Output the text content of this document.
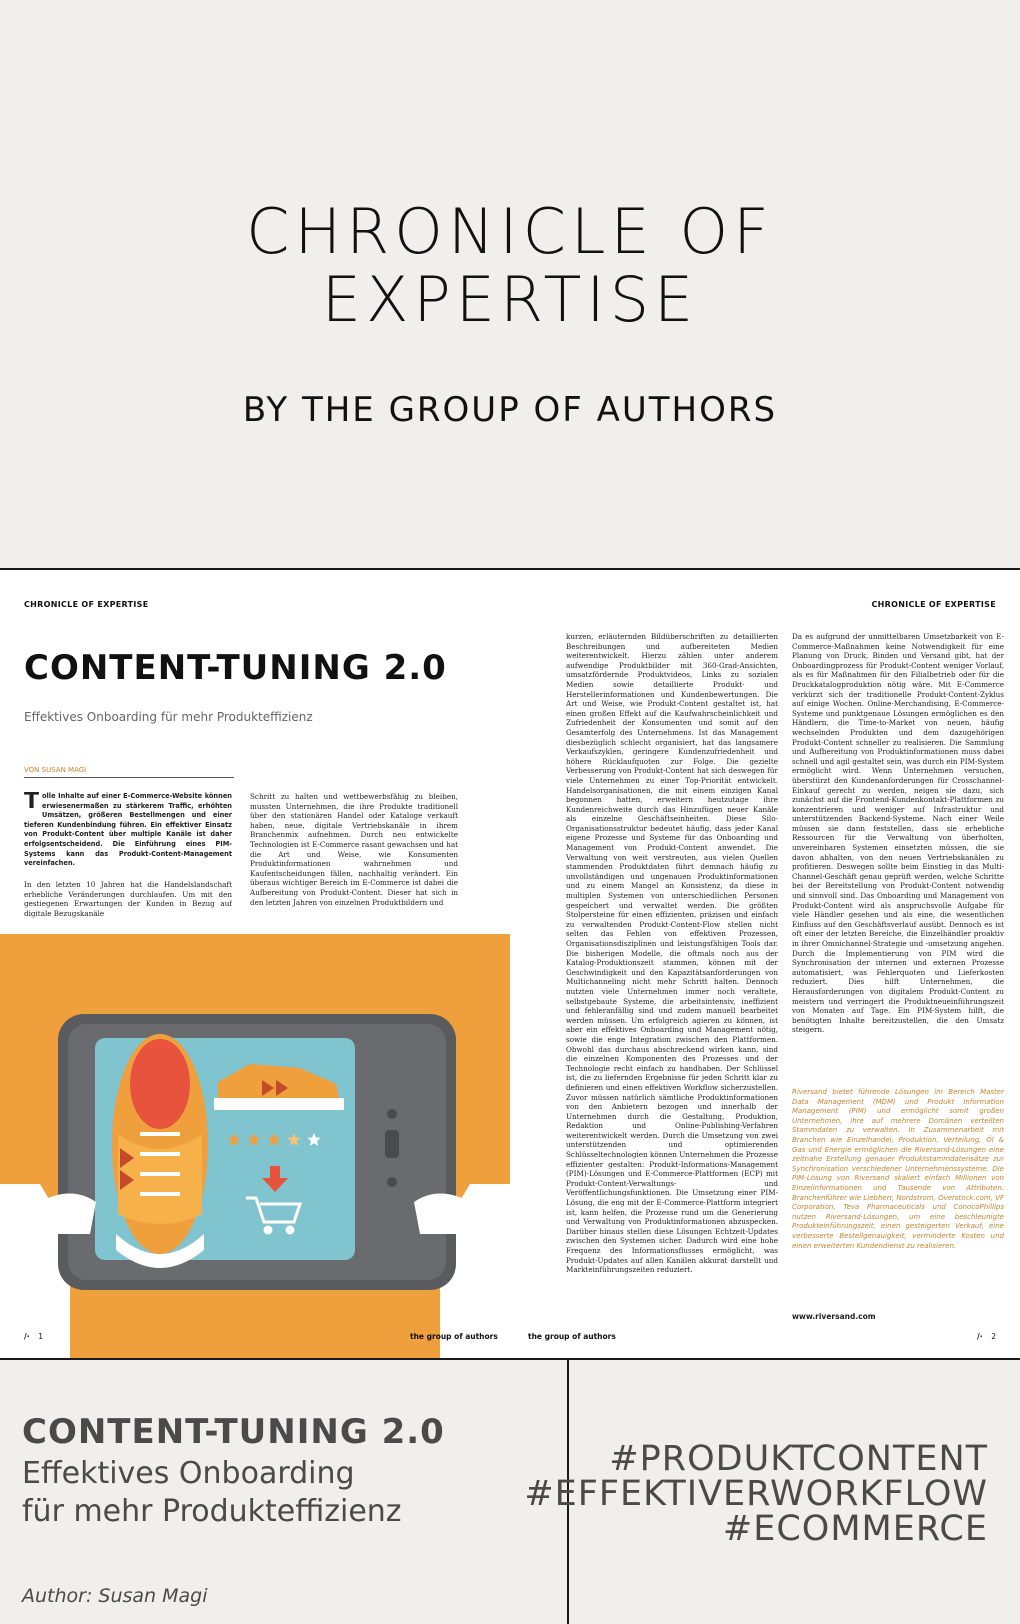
CHRONICLE OF
EXPERTISE
BY THE GROUP OF AUTHORS
CHRONICLE OF EXPERTISE	CHRONICLE OF EXPERTISE
CONTENT-TUNING 2.0
Effektives Onboarding für mehr Produkteffizienz
VON SUSAN MAGI
Tolle Inhalte auf einer E-Commerce-Website können erwiesenermaßen zu stärkerem Traffic, erhöhten Umsätzen, größeren Bestellmengen und einer tieferen Kundenbindung führen. Ein effektiver Einsatz von Produkt-Content über multiple Kanäle ist daher erfolgsentscheidend. Die Einführung eines PIM-Systems kann das Produkt-Content-Management vereinfachen.
In den letzten 10 Jahren hat die Handelslandschaft erhebliche Veränderungen durchlaufen. Um mit den gestiegenen Erwartungen der Kunden in Bezug auf digitale Bezugskanäle
Schritt zu halten und wettbewerbsfähig zu bleiben, mussten Unternehmen, die ihre Produkte traditionell über den stationären Handel oder Kataloge verkauft haben, neue, digitale Vertriebskanäle in ihrem Branchenmix aufnehmen. Durch neu entwickelte Technologien ist E-Commerce rasant gewachsen und hat die Art und Weise, wie Konsumenten Produktinformationen wahrnehmen und Kaufentscheidungen fällen, nachhaltig verändert. Ein überaus wichtiger Bereich im E-Commerce ist dabei die Aufbereitung von Produkt-Content. Dieser hat sich in den letzten Jahren von einzelnen Produktbildern und
kurzen, erläuternden Bildüberschriften zu detaillierten Beschreibungen und aufbereiteten Medien weiterentwickelt. Hierzu zählen unter anderem aufwendige Produktbilder mit 360-Grad-Ansichten, umsatzfördernde Produktvideos, Links zu sozialen Medien sowie detaillierte Produkt- und Herstellerinformationen und Kundenbewertungen. Die Art und Weise, wie Produkt-Content gestaltet ist, hat einen großen Effekt auf die Kaufwahrscheinlichkeit und Zufriedenheit der Konsumenten und somit auf den Gesamterfolg des Unternehmens. Ist das Management diesbezüglich schlecht organisiert, hat das langsamere Verkaufszyklen, geringere Kundenzufriedenheit und höhere Rücklaufquoten zur Folge. Die gezielte Verbesserung von Produkt-Content hat sich deswegen für viele Unternehmen zu einer Top-Priorität entwickelt. Handelsorganisationen, die mit einem einzigen Kanal begonnen hatten, erweitern heutzutage ihre Kundenreichweite durch das Hinzufügen neuer Kanäle als einzelne Geschäftseinheiten. Diese Silo-Organisationsstruktur bedeutet häufig, dass jeder Kanal eigene Prozesse und Systeme für das Onboarding und Management von Produkt-Content anwendet. Die Verwaltung von weit verstreuten, aus vielen Quellen stammenden Produktdaten führt demnach häufig zu unvollständigen und ungenauen Produktinformationen und zu einem Mangel an Konsistenz, da diese in multiplen Systemen von unterschiedlichen Personen gespeichert und verwaltet werden. Die größten Stolpersteine für einen effizienten, präzisen und einfach zu verwaltenden Produkt-Content-Flow stellen nicht selten das Fehlen von effektiven Prozessen, Organisationsdisziplinen und leistungsfähigen Tools dar. Die bisherigen Modelle, die oftmals noch aus der Katalog-Produktionszeit stammen, können mit der Geschwindigkeit und den Kapazitätsanforderungen von Multichanneling nicht mehr Schritt halten. Dennoch nutzten viele Unternehmen immer noch veraltete, selbstgebaute Systeme, die arbeitsintensiv, ineffizient und fehleranfällig sind und zudem manuell bearbeitet werden müssen. Um erfolgreich agieren zu können, ist aber ein effektives Onboarding und Management nötig, sowie die enge Integration zwischen den Plattformen. Obwohl das durchaus abschreckend wirken kann, sind die einzelnen Komponenten des Prozesses und der Technologie recht einfach zu handhaben. Der Schlüssel ist, die zu liefernden Ergebnisse für jeden Schritt klar zu definieren und einen effektiven Workflow sicherzustellen. Zuvor müssen natürlich sämtliche Produktinformationen von den Anbietern bezogen und innerhalb der Unternehmen durch die Gestaltung, Produktion, Redaktion und Online-Publishing-Verfahren weiterentwickelt werden. Durch die Umsetzung von zwei unterstützenden und optimierenden Schlüsseltechnologien können Unternehmen die Prozesse effizienter gestalten: Produkt-Informations-Management (PIM)-Lösungen und E-Commerce-Plattformen (ECP) mit Produkt-Content-Verwaltungs- und Veröffentlichungsfunktionen. Die Umsetzung einer PIM-Lösung, die eng mit der E-Commerce-Plattform integriert ist, kann helfen, die Prozesse rund um die Generierung und Verwaltung von Produktinformationen abzuspecken. Darüber hinaus stellen diese Lösungen Echtzeit-Updates zwischen den Systemen sicher. Dadurch wird eine hohe Frequenz des Informationsflusses ermöglicht, was Produkt-Updates auf allen Kanälen akkurat darstellt und Markteinführungszeiten reduziert.
Da es aufgrund der unmittelbaren Umsetzbarkeit von E-Commerce-Maßnahmen keine Notwendigkeit für eine Planung von Druck, Binden und Versand gibt, hat der Onboardingprozess für Produkt-Content weniger Vorlauf, als es für Maßnahmen für den Filialbetrieb oder für die Druckkatalogproduktion nötig wäre. Mit E-Commerce verkürzt sich der traditionelle Produkt-Content-Zyklus auf einige Wochen. Online-Merchandising, E-Commerce-Systeme und punktgenaue Lösungen ermöglichen es den Händlern, die Time-to-Market von neuen, häufig wechselnden Produkten und dem dazugehörigen Produkt-Content schneller zu realisieren. Die Sammlung und Aufbereitung von Produktinformationen muss dabei schnell und agil gestaltet sein, was durch ein PIM-System ermöglicht wird. Wenn Unternehmen versuchen, überstürzt den Kundenanforderungen für Crosschannel-Einkauf gerecht zu werden, neigen sie dazu, sich zunächst auf die Frontend-Kundenkontakt-Plattformen zu konzentrieren und weniger auf Infrastruktur und unterstützenden Backend-Systeme. Nach einer Weile müssen sie dann feststellen, dass sie erhebliche Ressourcen für die Verwaltung von überholten, unvereinbaren Systemen einsetzten müssen, die sie davon abhalten, von den neuen Vertriebskanälen zu profitieren. Deswegen sollte beim Einstieg in das Multi-Channel-Geschäft genau geprüft werden, welche Schritte bei der Bereitstellung von Produkt-Content notwendig und sinnvoll sind. Das Onboarding und Management von Produkt-Content wird als anspruchsvolle Aufgabe für viele Händler gesehen und als eine, die wesentlichen Einfluss auf den Geschäftsverlauf ausübt. Dennoch es ist oft einer der letzten Bereiche, die Einzelhändler proaktiv in ihrer Omnichannel-Strategie und -umsetzung angehen. Durch die Implementierung von PIM wird die Synchronisation der internen und externen Prozesse automatisiert, was Fehlerquoten und Lieferkosten reduziert. Dies hilft Unternehmen, die Herausforderungen von digitalem Produkt-Content zu meistern und verringert die Produktneueinführungszeit von Monaten auf Tage. Ein PIM-System hilft, die benötigten Inhalte bereitzustellen, die den Umsatz steigern.
Riversand bietet führende Lösungen im Bereich Master Data Management (MDM) und Produkt Information Management (PIM) und ermöglicht somit großen Unternehmen, ihre auf mehrere Domänen verteilten Stammdaten zu verwalten. In Zusammenarbeit mit Branchen wie Einzelhandel, Produktion, Verteilung, Öl & Gas und Energie ermöglichen die Riversand-Lösungen eine zeitnahe Erstellung genauer Produktstammdatensätze zur Synchronisation verschiedener Unternehmenssysteme. Die PIM-Lösung von Riversand skaliert einfach Millionen von Einzelinformationen und Tausende von Attributen. Branchenführer wie Liebherr, Nordstrom, Overstock.com, VF Corporation, Teva Pharmaceuticals und ConocoPhillips nutzen Riversand-Lösungen, um eine beschleunigte Produkteinführungszeit, einen gesteigerten Verkauf, eine verbesserte Bestellgenauigkeit, verminderte Kosten und einen erweiterten Kundendienst zu realisieren.
www.riversand.com
/· 1	the group of authors	the group of authors	/· 2
CONTENT-TUNING 2.0
Effektives Onboarding
für mehr Produkteffizienz
Author: Susan Magi
#PRODUKTCONTENT
#EFFEKTIVERWORKFLOW
#ECOMMERCE
